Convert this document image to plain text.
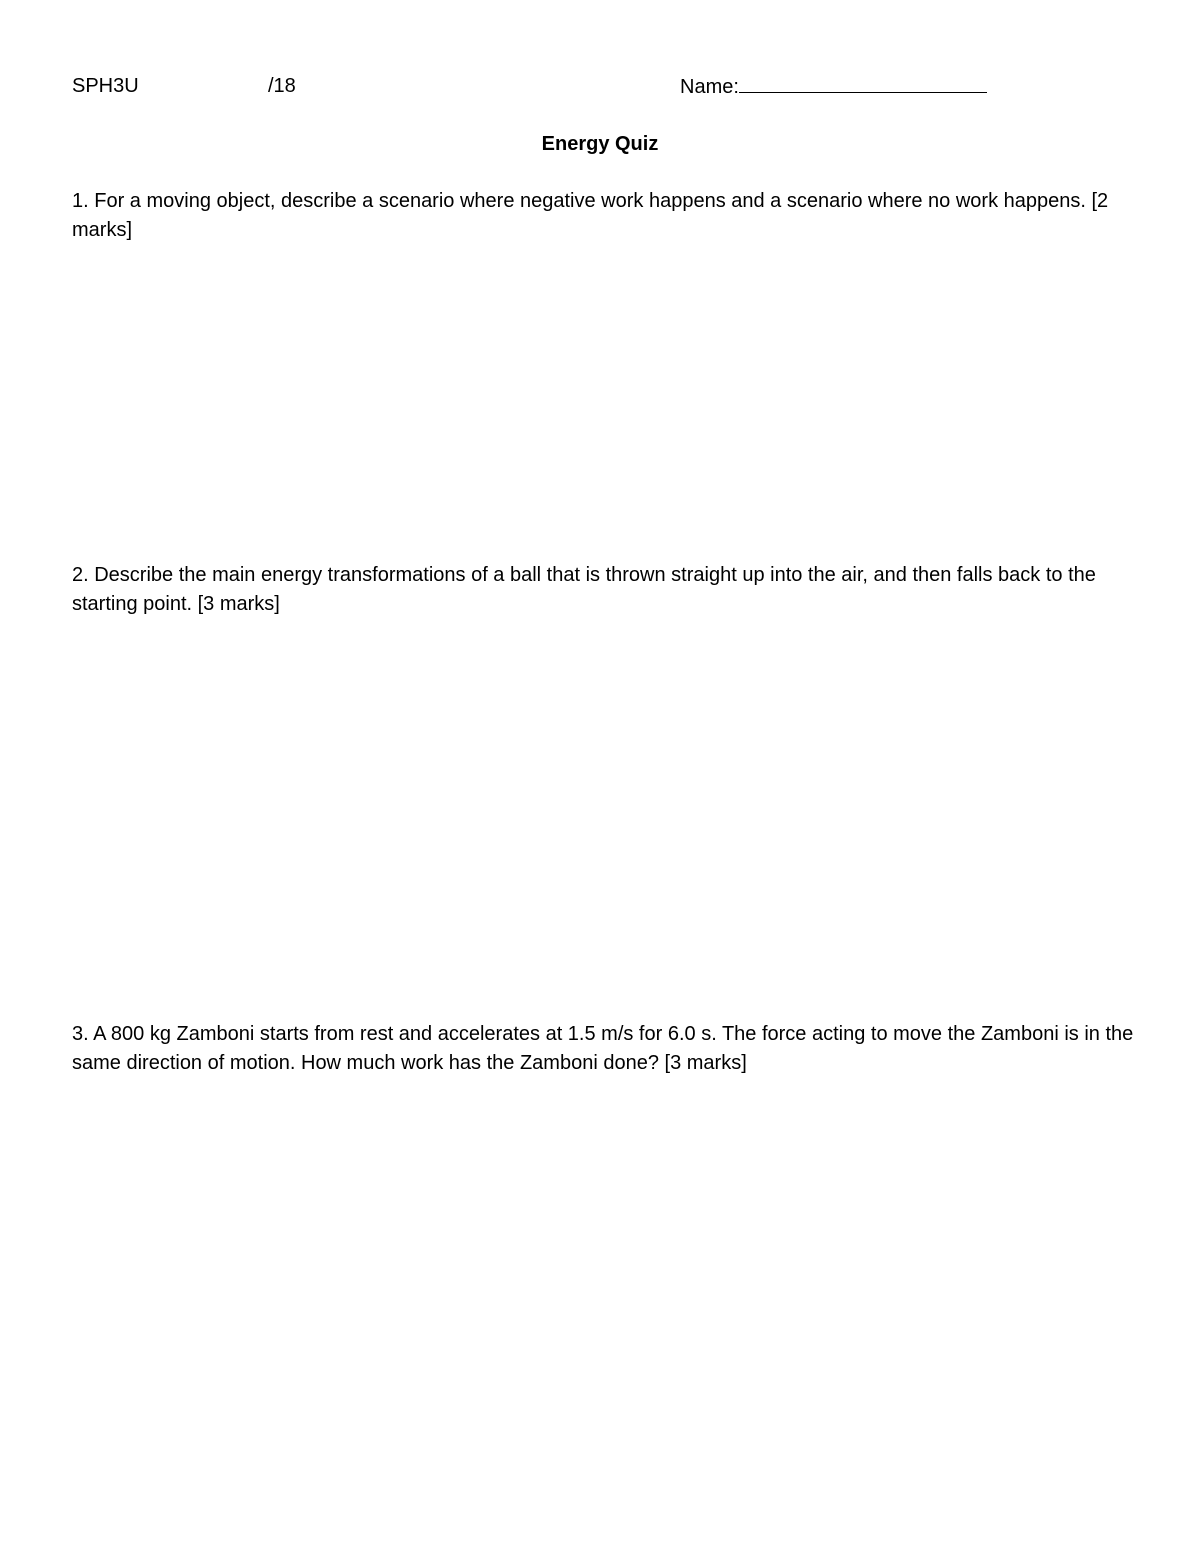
SPH3U	/18	Name:
Energy Quiz
1. For a moving object, describe a scenario where negative work happens and a scenario where no work happens. [2 marks]
2. Describe the main energy transformations of a ball that is thrown straight up into the air, and then falls back to the starting point. [3 marks]
3. A 800 kg Zamboni starts from rest and accelerates at 1.5 m/s for 6.0 s. The force acting to move the Zamboni is in the same direction of motion. How much work has the Zamboni done? [3 marks]
